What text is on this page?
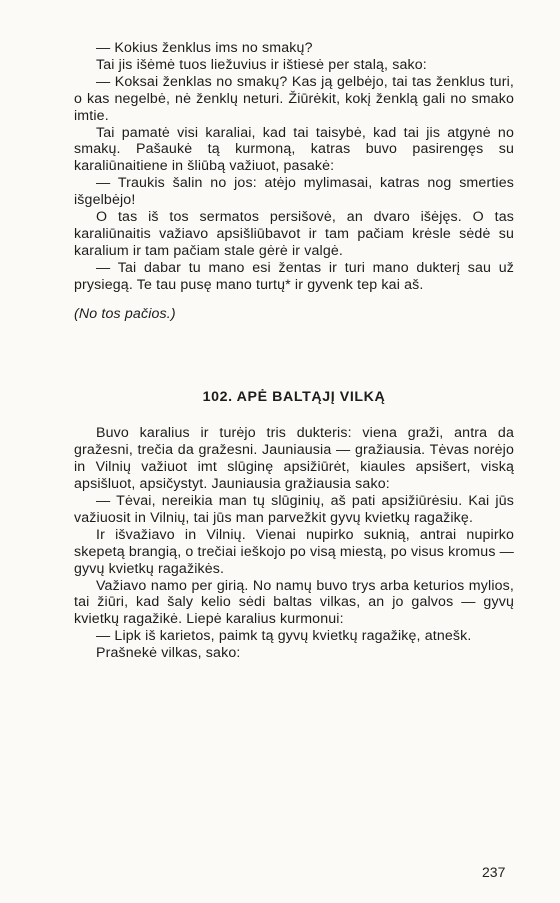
— Kokius ženklus ims no smakų?

Tai jis išėmė tuos liežuvius ir ištiesė per stalą, sako:

— Koksai ženklas no smakų? Kas ją gelbėjo, tai tas ženklus turi, o kas negelbė, nė ženklų neturi. Žiūrėkit, kokį ženklą gali no smako imtie.

Tai pamatė visi karaliai, kad tai taisybė, kad tai jis atgynė no smakų. Pašaukė tą kurmoną, katras buvo pasirengęs su karaliūnaitiene in šliūbą važiuot, pasakė:

— Traukis šalin no jos: atėjo mylimasai, katras nog smerties išgelbėjo!

O tas iš tos sermatos persišovė, an dvaro išėjęs. O tas karaliūnaitis važiavo apsišliūbavot ir tam pačiam krėsle sėdė su karalium ir tam pačiam stale gėrė ir valgė.

— Tai dabar tu mano esi žentas ir turi mano dukterį sau už prysiegą. Te tau pusę mano turtų* ir gyvenk tep kai aš.

(No tos pačios.)

102. APĖ BALTĄJĮ VILKĄ

Buvo karalius ir turėjo tris dukteris: viena graži, antra da gražesni, trečia da gražesni. Jauniausia — gražiausia. Tėvas norėjo in Vilnių važiuot imt slūginę apsižiūrėt, kiaules apsišert, viską apsišluot, apsičystyt. Jauniausia gražiausia sako:

— Tėvai, nereikia man tų slūginių, aš pati apsižiūrėsiu. Kai jūs važiuosit in Vilnių, tai jūs man parvežkit gyvų kvietkų ragažikę.

Ir išvažiavo in Vilnių. Vienai nupirko suknią, antrai nupirko skepetą brangią, o trečiai ieškojo po visą miestą, po visus kromus — gyvų kvietkų ragažikės.

Važiavo namo per girią. No namų buvo trys arba keturios mylios, tai žiūri, kad šaly kelio sėdi baltas vilkas, an jo galvos — gyvų kvietkų ragažikė. Liepė karalius kurmonui:

— Lipk iš karietos, paimk tą gyvų kvietkų ragažikę, atnešk.

Prašnekė vilkas, sako:

237
